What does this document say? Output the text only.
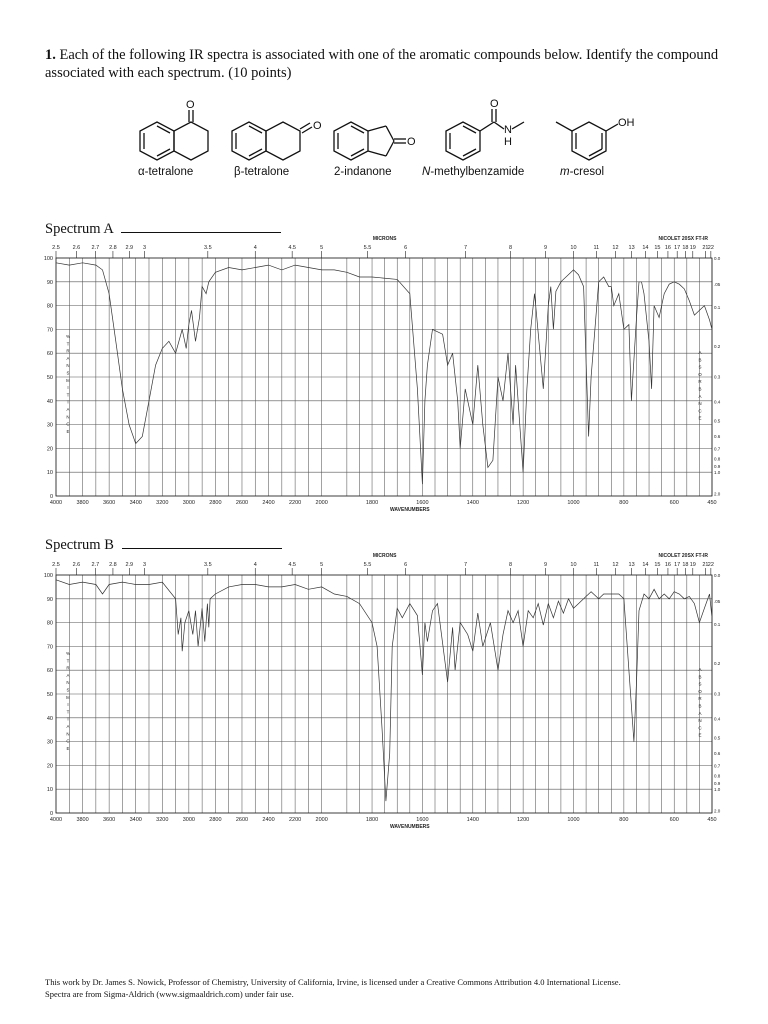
1. Each of the following IR spectra is associated with one of the aromatic compounds below. Identify the compound associated with each spectrum. (10 points)
O
α-tetralone
O
β-tetralone
O
2-indanone
O
N
H
N-methylbenzamide
OH
m-cresol
Spectrum A
MICRONS	NICOLET 20SX FT-IR
2.5 2.6 2.7 2.8 2.9 3	3.5	4	4.5	5	5.5	6	7	8	9	10	11 12 13 14 15 16 17 18 19 21 22
0
10
20
30
40
50
60
70
80
90
100
4000	3800	3600	3400	3200	3000	2800	2600	2400	2200	2000	1800	1600	1400	1200	1000	800	600	450
WAVENUMBERS
%
T
R
A
N
S
M
I
T
T
A
N
C
E
A
B
S
O
R
B
A
N
C
E
0.0
.05
0.1
0.2
0.3
0.4
0.5
0.6
0.7
0.8
0.9
1.0
2.0
Spectrum B
MICRONS	NICOLET 20SX FT-IR
2.5 2.6 2.7 2.8 2.9 3	3.5	4	4.5	5	5.5	6	7	8	9	10	11 12 13 14 15 16 17 18 19 21 22
0
10
20
30
40
50
60
70
80
90
100
4000	3800	3600	3400	3200	3000	2800	2600	2400	2200	2000	1800	1600	1400	1200	1000	800	600	450
WAVENUMBERS
%
T
R
A
N
S
M
I
T
T
A
N
C
E
A
B
S
O
R
B
A
N
C
E
0.0
.05
0.1
0.2
0.3
0.4
0.5
0.6
0.7
0.8
0.9
1.0
2.0
This work by Dr. James S. Nowick, Professor of Chemistry, University of California, Irvine, is licensed under a Creative Commons Attribution 4.0 International License.
Spectra are from Sigma-Aldrich (www.sigmaaldrich.com) under fair use.
